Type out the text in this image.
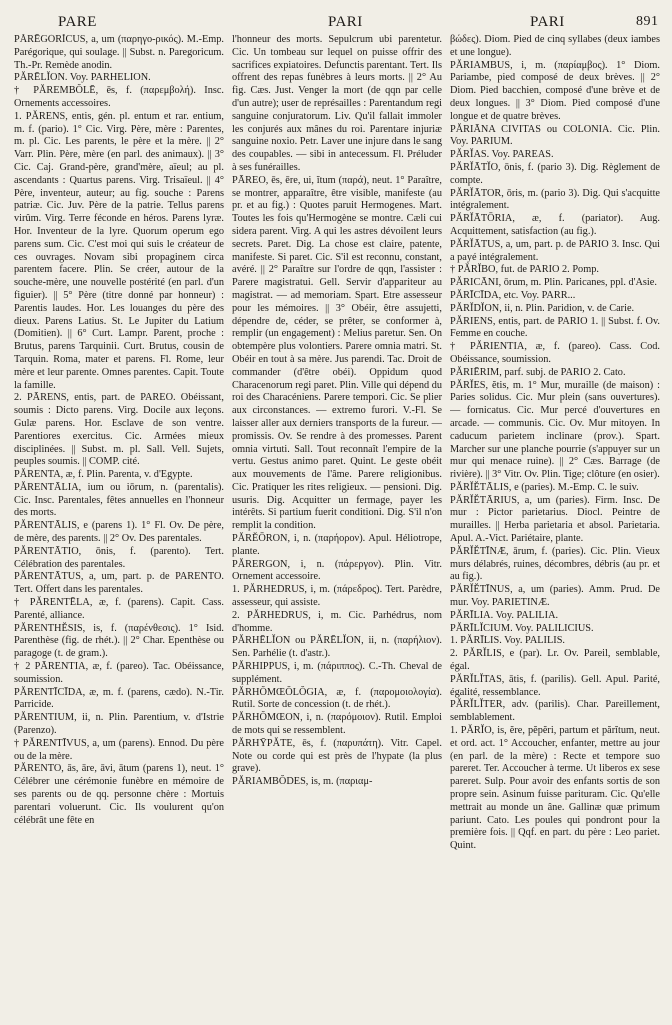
PARE	PARI	PARI	891

PĂRĒGŎRĬCUS, a, um (παρηγο-ρικός). M.-Emp. Parégorique, qui soulage. || Subst. n. Paregoricum. Th.-Pr. Remède anodin.

PĂRĒLĬON. Voy. PARHELION.

† PĂREMBŎLĒ, ēs, f. (παρεμβολή). Insc. Ornements accessoires.

1. PĂRENS, entis, gén. pl. entum et rar. entium, m. f. (pario). 1° Cic. Virg. Père, mère : Parentes, m. pl. Cic. Les parents, le père et la mère. || 2° Varr. Plin. Père, mère (en parl. des animaux). || 3° Cic. Caj. Grand-père, grand'mère, aïeul; au pl. ascendants : Quartus parens. Virg. Trisaïeul. || 4° Père, inventeur, auteur; au fig. souche : Parens patriæ. Cic. Juv. Père de la patrie. Tellus parens virûm. Virg. Terre féconde en héros. Parens lyræ. Hor. Inventeur de la lyre. Quorum operum ego parens sum. Cic. C'est moi qui suis le créateur de ces ouvrages. Novam sibi propaginem circa parentem facere. Plin. Se créer, autour de la souche-mère, une nouvelle postérité (en parl. d'un figuier). || 5° Père (titre donné par honneur) : Parentis laudes. Hor. Les louanges du père des dieux. Parens Latius. St. Le Jupiter du Latium (Domitien). || 6° Curt. Lampr. Parent, proche : Brutus, parens Tarquinii. Curt. Brutus, cousin de Tarquin. Roma, mater et parens. Fl. Rome, leur mère et leur parente. Omnes parentes. Capit. Toute la famille.

2. PĀRENS, entis, part. de PAREO. Obéissant, soumis : Dicto parens. Virg. Docile aux leçons. Gulæ parens. Hor. Esclave de son ventre. Parentiores exercitus. Cic. Armées mieux disciplinées. || Subst. m. pl. Sall. Vell. Sujets, peuples soumis. || COMP. cité.

PĂRENTA, æ, f. Plin. Parenta, v. d'Egypte.

PĂRENTĀLIA, ium ou iōrum, n. (parentalis). Cic. Insc. Parentales, fêtes annuelles en l'honneur des morts.

PĂRENTĀLIS, e (parens 1). 1° Fl. Ov. De père, de mère, des parents. || 2° Ov. Des parentales.

PĂRENTĀTIO, ōnis, f. (parento). Tert. Célébration des parentales.

PĂRENTĀTUS, a, um, part. p. de PARENTO. Tert. Offert dans les parentales.

† PĂRENTĒLA, æ, f. (parens). Capit. Cass. Parenté, alliance.

PĂRENTHĔSIS, is, f. (παρένθεσις). 1° Isid. Parenthèse (fig. de rhét.). || 2° Char. Epenthèse ou paragoge (t. de gram.).

† 2 PĀRENTIA, æ, f. (pareo). Tac. Obéissance, soumission.

PĂRENTĪCĪDA, æ, m. f. (parens, cædo). N.-Tir. Parricide.

PĂRENTIUM, ii, n. Plin. Parentium, v. d'Istrie (Parenzo).

† PĂRENTĪVUS, a, um (parens). Ennod. Du père ou de la mère.

PĂRENTO, ās, āre, āvi, ātum (parens 1), neut. 1° Célébrer une cérémonie funèbre en mémoire de ses parents ou de qq. personne chère : Mortuis parentari voluerunt. Cic. Ils voulurent qu'on célébrât une fête en

l'honneur des morts. Sepulcrum ubi parentetur. Cic. Un tombeau sur lequel on puisse offrir des sacrifices expiatoires. Defunctis parentant. Tert. Ils offrent des repas funèbres à leurs morts. || 2° Au fig. Cæs. Just. Venger la mort (de qqn par celle d'un autre); user de représailles : Parentandum regi sanguine conjuratorum. Liv. Qu'il fallait immoler les conjurés aux mânes du roi. Parentare injuriæ sanguine noxio. Petr. Laver une injure dans le sang des coupables. — sibi in antecessum. Fl. Préluder à ses funérailles.

PĀREO, ēs, ēre, ui, ĭtum (παρά), neut. 1° Paraître, se montrer, apparaître, être visible, manifeste (au pr. et au fig.) : Quotes paruit Hermogenes. Mart. Toutes les fois qu'Hermogène se montre. Cæli cui sidera parent. Virg. A qui les astres dévoilent leurs secrets. Paret. Dig. La chose est claire, patente, manifeste. Si paret. Cic. S'il est reconnu, constant, avéré. || 2° Paraître sur l'ordre de qqn, l'assister : Parere magistratui. Gell. Servir d'appariteur au magistrat. — ad memoriam. Spart. Etre assesseur pour les mémoires. || 3° Obéir, être assujetti, dépendre de, céder, se prêter, se conformer à, remplir (un engagement) : Melius paretur. Sen. On obtempère plus volontiers. Parere omnia matri. St. Obéir en tout à sa mère. Jus parendi. Tac. Droit de commander (d'être obéi). Oppidum quod Characenorum regi paret. Plin. Ville qui dépend du roi des Characéniens. Parere tempori. Cic. Se plier aux circonstances. — extremo furori. V.-Fl. Se laisser aller aux derniers transports de la fureur. — promissis. Ov. Se rendre à des promesses. Parent omnia virtuti. Sall. Tout reconnaît l'empire de la vertu. Gestus animo paret. Quint. Le geste obéit aux mouvements de l'âme. Parere religionibus. Cic. Pratiquer les rites religieux. — pensioni. Dig. usuris. Dig. Acquitter un fermage, payer les intérêts. Si partium fuerit conditioni. Dig. S'il n'on remplit la condition.

PĂRĔŌRON, i, n. (παρήορον). Apul. Héliotrope, plante.

PĂRERGON, i, n. (πάρεργον). Plin. Vitr. Ornement accessoire.

1. PĂRHEDRUS, i, m. (πάρεδρος). Tert. Parèdre, assesseur, qui assiste.

2. PĂRHEDRUS, i, m. Cic. Parhédrus, nom d'homme.

PĂRHĒLĬON ou PĂRĒLĬON, ii, n. (παρήλιον). Sen. Parhélie (t. d'astr.).

PĂRHIPPUS, i, m. (πάριππος). C.-Th. Cheval de supplément.

PĂRHŎMŒŎLŎGIA, æ, f. (παρομοιολογία). Rutil. Sorte de concession (t. de rhét.).

PĂRHŎMŒON, i, n. (παρόμοιον). Rutil. Emploi de mots qui se ressemblent.

PĂRHȲPĂTE, ēs, f. (παρυπάτη). Vitr. Capel. Note ou corde qui est près de l'hypate (la plus grave).

PĂRIAMBŎDES, is, m. (παριαμ-

βώδες). Diom. Pied de cinq syllabes (deux iambes et une longue).

PĂRIAMBUS, i, m. (παρίαμβος). 1° Diom. Pariambe, pied composé de deux brèves. || 2° Diom. Pied bacchien, composé d'une brève et de deux longues. || 3° Diom. Pied composé d'une longue et de quatre brèves.

PĂRIĀNA CIVITAS ou COLONIA. Cic. Plin. Voy. PARIUM.

PĂRĬAS. Voy. PAREAS.

PĂRĬĀTĬO, ōnis, f. (pario 3). Dig. Règlement de compte.

PĂRĬĀTOR, ōris, m. (pario 3). Dig. Qui s'acquitte intégralement.

PĂRĬĀTŌRIA, æ, f. (pariator). Aug. Acquittement, satisfaction (au fig.).

PĂRĬĀTUS, a, um, part. p. de PARIO 3. Insc. Qui a payé intégralement.

† PĂRĬBO, fut. de PARIO 2. Pomp.

PĂRICĀNI, ōrum, m. Plin. Paricanes, ppl. d'Asie.

PĂRĪCĪDA, etc. Voy. PARR...

PĂRĬDĬON, ii, n. Plin. Paridion, v. de Carie.

PĂRIENS, entis, part. de PARIO 1. || Subst. f. Ov. Femme en couche.

† PĂRIENTIA, æ, f. (pareo). Cass. Cod. Obéissance, soumission.

PĂRIĒRIM, parf. subj. de PARIO 2. Cato.

PĂRĬES, ĕtis, m. 1° Mur, muraille (de maison) : Paries solidus. Cic. Mur plein (sans ouvertures). — fornicatus. Cic. Mur percé d'ouvertures en arcade. — communis. Cic. Ov. Mur mitoyen. In caducum parietem inclinare (prov.). Spart. Marcher sur une planche pourrie (s'appuyer sur un mur qui menace ruine). || 2° Cæs. Barrage (de rivière). || 3° Vitr. Ov. Plin. Tige; clôture (en osier).

PĂRĬĔTĀLIS, e (paries). M.-Emp. C. le suiv.

PĂRĬĔTĀRIUS, a, um (paries). Firm. Insc. De mur : Pictor parietarius. Diocl. Peintre de murailles. || Herba parietaria et absol. Parietaria. Apul. A.-Vict. Pariétaire, plante.

PĂRĬĔTĪNÆ, ārum, f. (paries). Cic. Plin. Vieux murs délabrés, ruines, décombres, débris (au pr. et au fig.).

PĂRĬĔTĪNUS, a, um (paries). Amm. Prud. De mur. Voy. PARIETINÆ.

PĂRĪLIA. Voy. PALILIA.

PĂRĪLĬCIUM. Voy. PALILICIUS.

1. PĂRĪLIS. Voy. PALILIS.

2. PĂRĬLIS, e (par). Lr. Ov. Pareil, semblable, égal.

PĂRĬLĬTAS, ātis, f. (parilis). Gell. Apul. Parité, égalité, ressemblance.

PĂRĬLĬTER, adv. (parilis). Char. Pareillement, semblablement.

1. PĂRĬO, is, ĕre, pĕpĕri, partum et părĭtum, neut. et ord. act. 1° Accoucher, enfanter, mettre au jour (en parl. de la mère) : Recte et tempore suo pareret. Ter. Accoucher à terme. Ut liberos ex sese pareret. Sulp. Pour avoir des enfants sortis de son propre sein. Asinum fuisse parituram. Cic. Qu'elle mettrait au monde un âne. Gallinæ quæ primum pariunt. Cato. Les poules qui pondront pour la première fois. || Qqf. en part. du père : Leo pariet. Quint.
